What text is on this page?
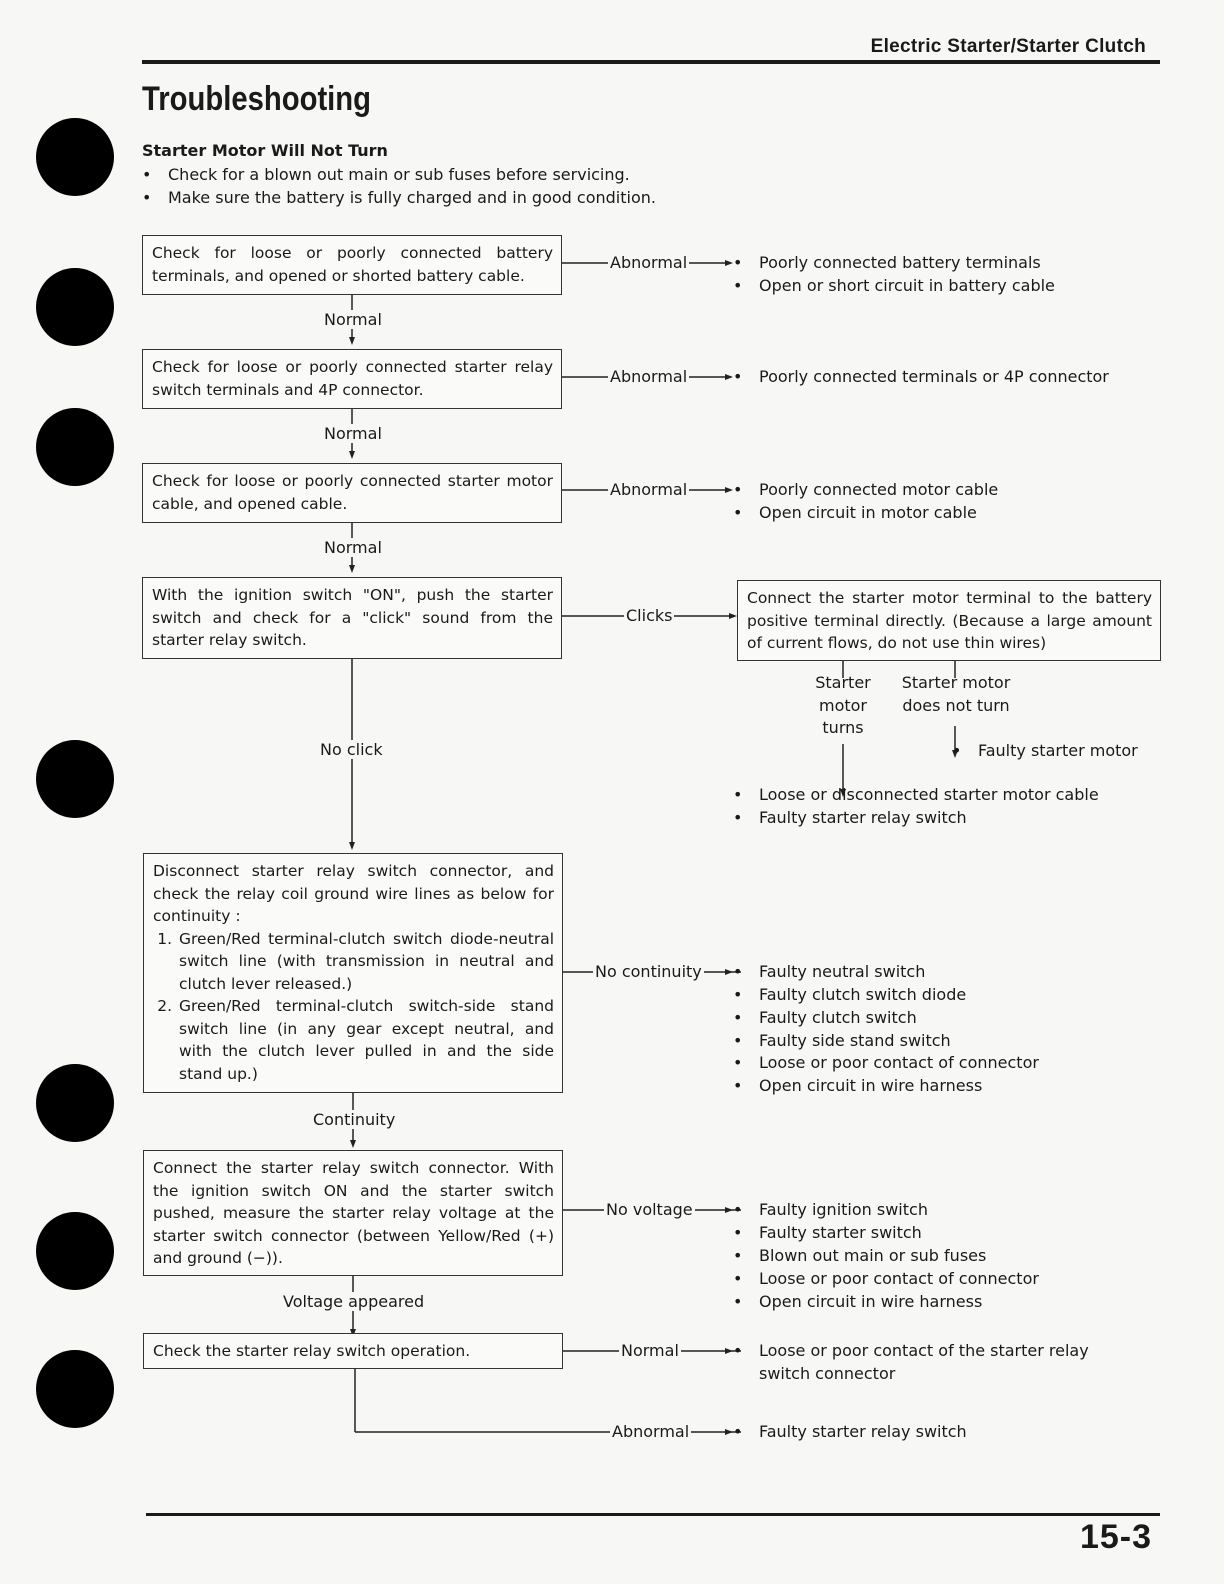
Electric Starter/Starter Clutch
Troubleshooting
Starter Motor Will Not Turn
• Check for a blown out main or sub fuses before servicing.
• Make sure the battery is fully charged and in good condition.
Check for loose or poorly connected battery terminals, and opened or shorted battery cable.
Abnormal	• Poorly connected battery terminals
• Open or short circuit in battery cable
Normal
Check for loose or poorly connected starter relay switch terminals and 4P connector.
Abnormal	• Poorly connected terminals or 4P connector
Normal
Check for loose or poorly connected starter motor cable, and opened cable.
Abnormal	• Poorly connected motor cable
• Open circuit in motor cable
Normal
With the ignition switch "ON", push the starter switch and check for a "click" sound from the starter relay switch.
Clicks
No click
Connect the starter motor terminal to the battery positive terminal directly. (Because a large amount of current flows, do not use thin wires)
Starter motor turns
Starter motor does not turn
• Faulty starter motor
• Loose or disconnected starter motor cable
• Faulty starter relay switch
Disconnect starter relay switch connector, and check the relay coil ground wire lines as below for continuity :
1. Green/Red terminal-clutch switch diode-neutral switch line (with transmission in neutral and clutch lever released.)
2. Green/Red terminal-clutch switch-side stand switch line (in any gear except neutral, and with the clutch lever pulled in and the side stand up.)
No continuity • Faulty neutral switch
• Faulty clutch switch diode
• Faulty clutch switch
• Faulty side stand switch
• Loose or poor contact of connector
• Open circuit in wire harness
Continuity
Connect the starter relay switch connector. With the ignition switch ON and the starter switch pushed, measure the starter relay voltage at the starter switch connector (between Yellow/Red (+) and ground (−)).
No voltage	• Faulty ignition switch
• Faulty starter switch
• Blown out main or sub fuses
• Loose or poor contact of connector
• Open circuit in wire harness
Voltage appeared
Check the starter relay switch operation.	Normal	•	Loose or poor contact of the starter relay switch connector
Abnormal	• Faulty starter relay switch
15-3
